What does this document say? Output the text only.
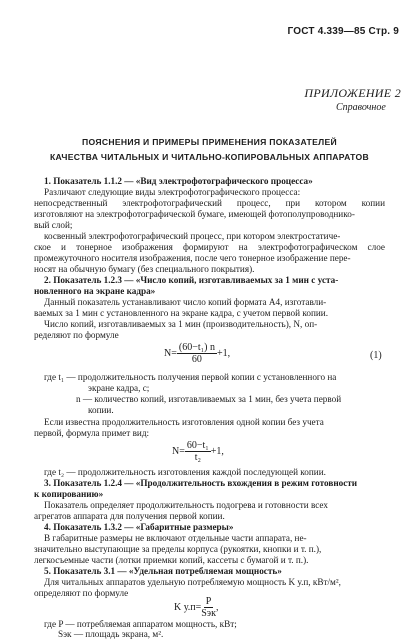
ГОСТ 4.339—85 Стр. 9
ПРИЛОЖЕНИЕ 2
Справочное
ПОЯСНЕНИЯ И ПРИМЕРЫ ПРИМЕНЕНИЯ ПОКАЗАТЕЛЕЙ
КАЧЕСТВА ЧИТАЛЬНЫХ И ЧИТАЛЬНО-КОПИРОВАЛЬНЫХ АППАРАТОВ
1. Показатель 1.1.2 — «Вид электрофотографического процесса»
Различают следующие виды электрофотографического процесса:
непосредственный электрофотографический процесс, при котором копии
изготовляют на электрофотографической бумаге, имеющей фотополупроводнико-
вый слой;
косвенный электрофотографический процесс, при котором электростатиче-
ское и тонерное изображения формируют на электрофотографическом слое
промежуточного носителя изображения, после чего тонерное изображение пере-
носят на обычную бумагу (без специального покрытия).
2. Показатель 1.2.3 — «Число копий, изготавливаемых за 1 мин с уста-
новленного на экране кадра»
Данный показатель устанавливают число копий формата А4, изготавли-
ваемых за 1 мин с установленного на экране кадра, с учетом первой копии.
Число копий, изготавливаемых за 1 мин (производительность), N, оп-
ределяют по формуле
$N= \frac{\text{(60−t₁) n}}{60} +1$,	(1)
где t₁ — продолжительность получения первой копии с установленного на
экране кадра, с;
n — количество копий, изготавливаемых за 1 мин, без учета первой
копии.
Если известна продолжительность изготовления одной копии без учета
первой, формула примет вид:
$N= \frac{\text{60−t₁}}{\text{t₂}} +1$,
где t₂ — продолжительность изготовления каждой последующей копии.
3. Показатель 1.2.4 — «Продолжительность вхождения в режим готовности
к копированию»
Показатель определяет продолжительность подогрева и готовности всех
агрегатов аппарата для получения первой копии.
4. Показатель 1.3.2 — «Габаритные размеры»
В габаритные размеры не включают отдельные части аппарата, не-
значительно выступающие за пределы корпуса (рукоятки, кнопки и т. п.),
легкосъемные части (лотки приемки копий, кассеты с бумагой и т. п.).
5. Показатель 3.1 — «Удельная потребляемая мощность»
Для читальных аппаратов удельную потребляемую мощность K у.п, кВт/м²,
определяют по формуле
K $у.п= \frac{P}{\text{Sэк}}$ ,
где P — потребляемая аппаратом мощность, кВт;
Sэк — площадь экрана, м².
